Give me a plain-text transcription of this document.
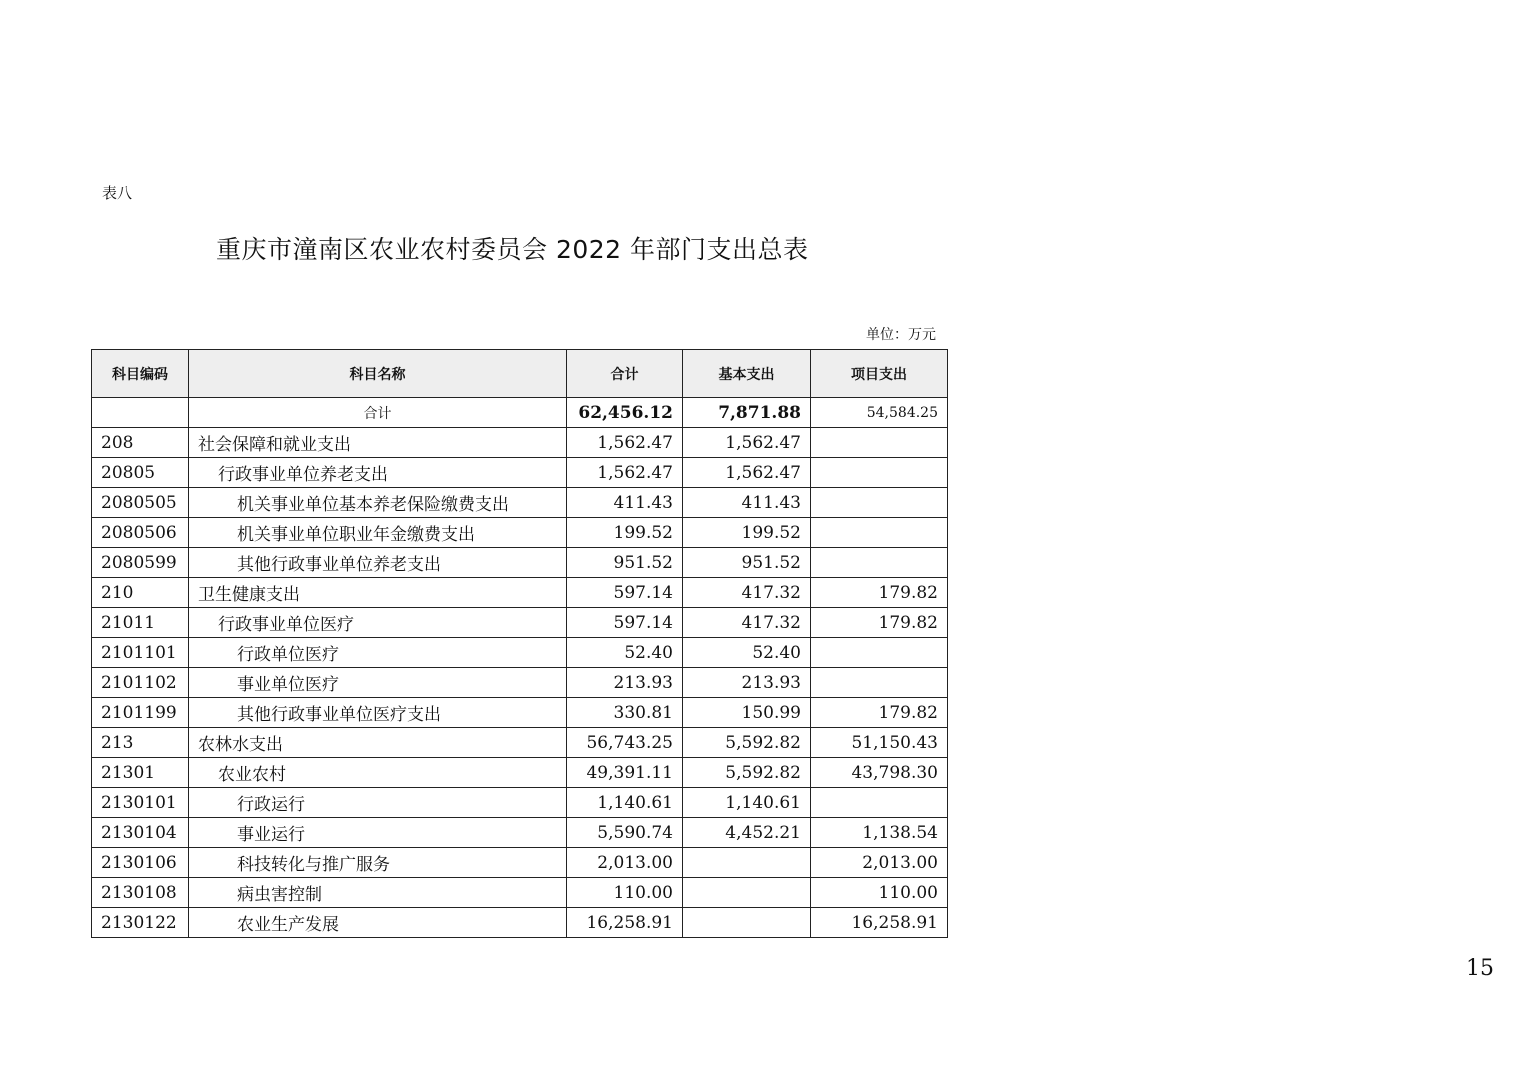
表八
重庆市潼南区农业农村委员会 2022 年部门支出总表
单位：万元
科目编码	科目名称	合计	基本支出	项目支出
	合计	62,456.12	7,871.88	54,584.25
208	社会保障和就业支出	1,562.47	1,562.47	
20805	行政事业单位养老支出	1,562.47	1,562.47	
2080505	机关事业单位基本养老保险缴费支出	411.43	411.43	
2080506	机关事业单位职业年金缴费支出	199.52	199.52	
2080599	其他行政事业单位养老支出	951.52	951.52	
210	卫生健康支出	597.14	417.32	179.82
21011	行政事业单位医疗	597.14	417.32	179.82
2101101	行政单位医疗	52.40	52.40	
2101102	事业单位医疗	213.93	213.93	
2101199	其他行政事业单位医疗支出	330.81	150.99	179.82
213	农林水支出	56,743.25	5,592.82	51,150.43
21301	农业农村	49,391.11	5,592.82	43,798.30
2130101	行政运行	1,140.61	1,140.61	
2130104	事业运行	5,590.74	4,452.21	1,138.54
2130106	科技转化与推广服务	2,013.00		2,013.00
2130108	病虫害控制	110.00		110.00
2130122	农业生产发展	16,258.91		16,258.91
15
